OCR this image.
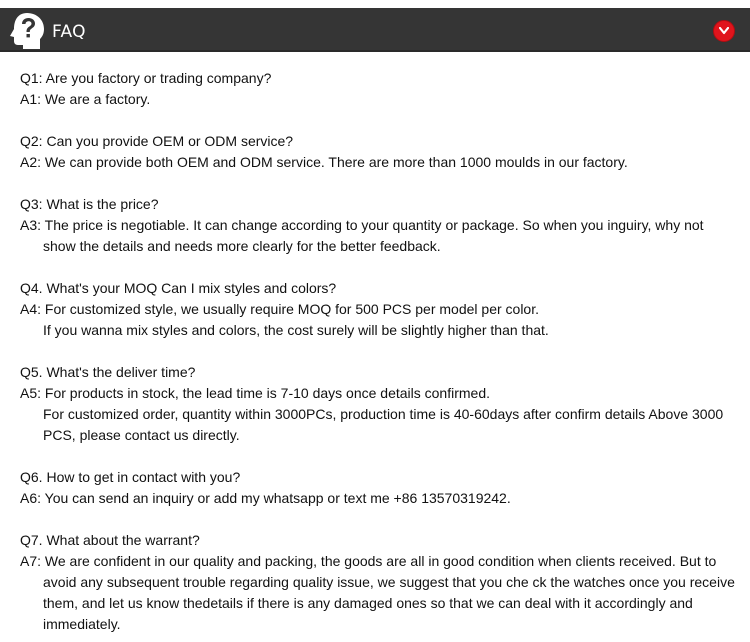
FAQ
Q1: Are you factory or trading company?
A1: We are a factory.
Q2: Can you provide OEM or ODM service?
A2: We can provide both OEM and ODM service. There are more than 1000 moulds in our factory.
Q3: What is the price?
A3: The price is negotiable. It can change according to your quantity or package. So when you inguiry, why not show the details and needs more clearly for the better feedback.
Q4. What's your MOQ Can I mix styles and colors?
A4: For customized style, we usually require MOQ for 500 PCS per model per color.
If you wanna mix styles and colors, the cost surely will be slightly higher than that.
Q5. What's the deliver time?
A5: For products in stock, the lead time is 7-10 days once details confirmed.
For customized order, quantity within 3000PCs, production time is 40-60days after confirm details Above 3000 PCS, please contact us directly.
Q6. How to get in contact with you?
A6: You can send an inquiry or add my whatsapp or text me +86 13570319242.
Q7. What about the warrant?
A7: We are confident in our quality and packing, the goods are all in good condition when clients received. But to avoid any subsequent trouble regarding quality issue, we suggest that you che ck the watches once you receive them, and let us know thedetails if there is any damaged ones so that we can deal with it accordingly and immediately.
